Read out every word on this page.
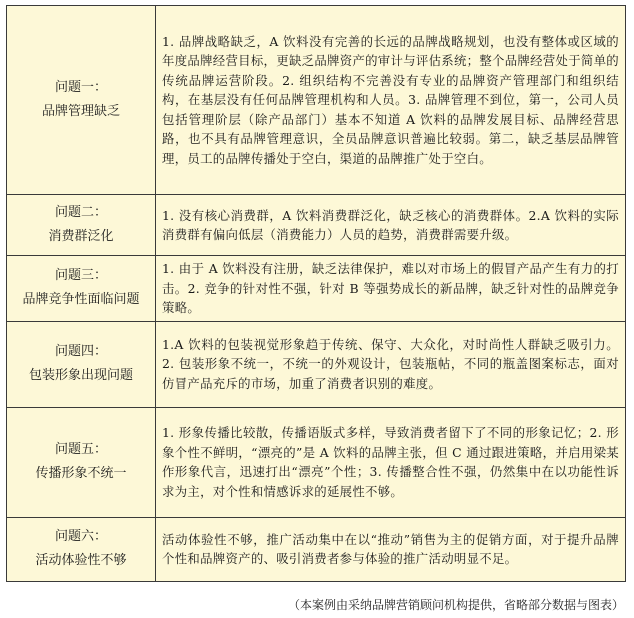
问题一：
品牌管理缺乏	1. 品牌战略缺乏，A 饮料没有完善的长远的品牌战略规划，也没有整体或区域的年度品牌经营目标，更缺乏品牌资产的审计与评估系统；整个品牌经营处于简单的传统品牌运营阶段。2. 组织结构不完善没有专业的品牌资产管理部门和组织结构，在基层没有任何品牌管理机构和人员。3. 品牌管理不到位，第一，公司人员包括管理阶层（除产品部门）基本不知道 A 饮料的品牌发展目标、品牌经营思路，也不具有品牌管理意识，全员品牌意识普遍比较弱。第二，缺乏基层品牌管理，员工的品牌传播处于空白，渠道的品牌推广处于空白。

问题二：
消费群泛化	1. 没有核心消费群，A 饮料消费群泛化，缺乏核心的消费群体。2.A 饮料的实际消费群有偏向低层（消费能力）人员的趋势，消费群需要升级。

问题三：
品牌竞争性面临问题	1. 由于 A 饮料没有注册，缺乏法律保护，难以对市场上的假冒产品产生有力的打击。2. 竞争的针对性不强，针对 B 等强势成长的新品牌，缺乏针对性的品牌竞争策略。

问题四：
包装形象出现问题	1.A 饮料的包装视觉形象趋于传统、保守、大众化，对时尚性人群缺乏吸引力。2. 包装形象不统一，不统一的外观设计，包装瓶帖，不同的瓶盖图案标志，面对仿冒产品充斥的市场，加重了消费者识别的难度。

问题五：
传播形象不统一	1. 形象传播比较散，传播语版式多样，导致消费者留下了不同的形象记忆；2. 形象个性不鲜明，“漂亮的”是 A 饮料的品牌主张，但 C 通过跟进策略，并启用梁某作形象代言，迅速打出“漂亮”个性；3. 传播整合性不强，仍然集中在以功能性诉求为主，对个性和情感诉求的延展性不够。

问题六：
活动体验性不够	活动体验性不够，推广活动集中在以“推动”销售为主的促销方面，对于提升品牌个性和品牌资产的、吸引消费者参与体验的推广活动明显不足。
（本案例由采纳品牌营销顾问机构提供，省略部分数据与图表）
